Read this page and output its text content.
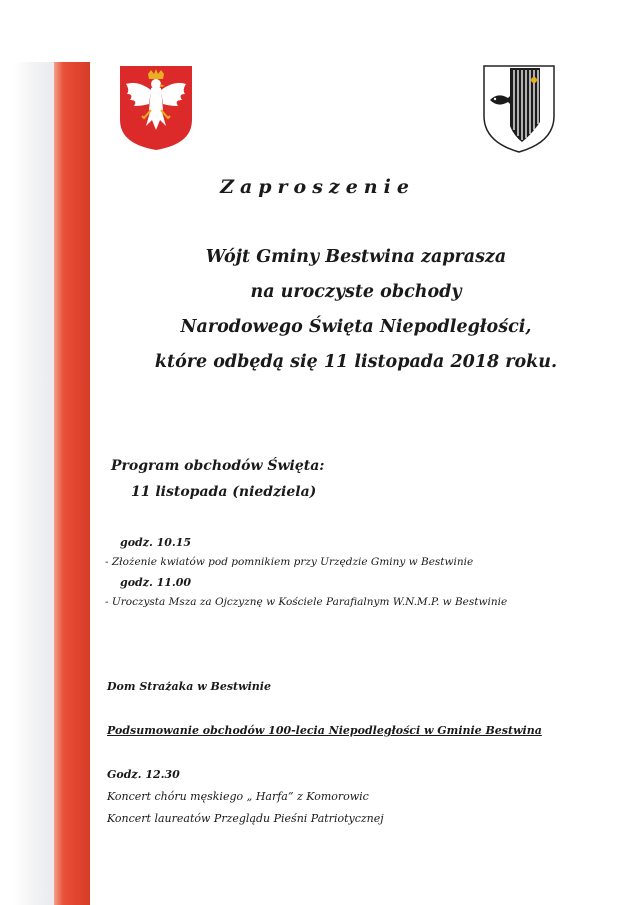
Zaproszenie
Wójt Gminy Bestwina zaprasza
na uroczyste obchody
Narodowego Święta Niepodległości,
które odbędą się 11 listopada 2018 roku.
Program obchodów Święta:
11 listopada (niedziela)
godz. 10.15
- Złożenie kwiatów pod pomnikiem przy Urzędzie Gminy w Bestwinie
godz. 11.00
- Uroczysta Msza za Ojczyznę w Kościele Parafialnym W.N.M.P. w Bestwinie
Dom Strażaka w Bestwinie
Podsumowanie obchodów 100-lecia Niepodległości w Gminie Bestwina
Godz. 12.30
Koncert chóru męskiego „ Harfa” z Komorowic
Koncert laureatów Przeglądu Pieśni Patriotycznej
